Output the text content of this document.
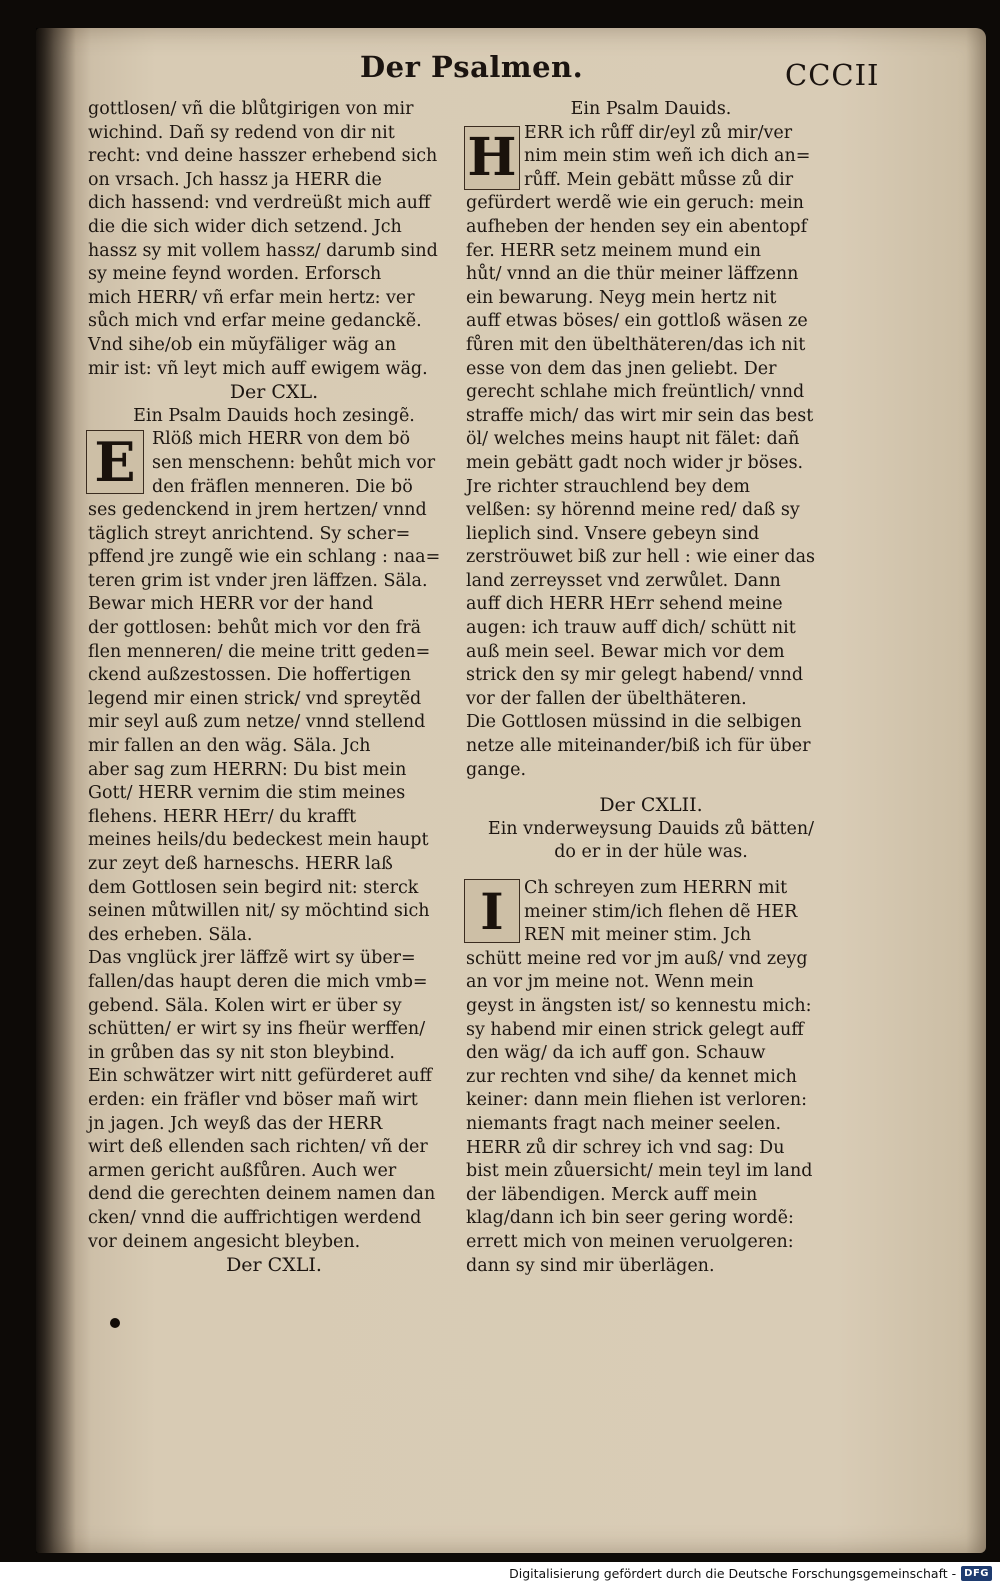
Der Psalmen.	CCCII
gottlosen/ vñ die blůtgirigen von mir
wichind. Dañ sy redend von dir nit
recht: vnd deine hasszer erhebend sich
on vrsach. Jch hassz ja HERR die
dich hassend: vnd verdreüßt mich auff
die die sich wider dich setzend. Jch
hassz sy mit vollem hassz/ darumb sind
sy meine feynd worden. Erforsch
mich HERR/ vñ erfar mein hertz: ver
sůch mich vnd erfar meine gedanckẽ.
Vnd sihe/ob ein mŭyfäliger wäg an
mir ist: vñ leyt mich auff ewigem wäg.
Der CXL.
Ein Psalm Dauids hoch zesingẽ.
E Rlöß mich HERR von dem bö
sen menschenn: behůt mich vor
den fräflen menneren. Die bö
ses gedenckend in jrem hertzen/ vnnd
täglich streyt anrichtend. Sy scher=
pffend jre zungẽ wie ein schlang : naa=
teren grim ist vnder jren läffzen. Säla.
Bewar mich HERR vor der hand
der gottlosen: behůt mich vor den frä
flen menneren/ die meine tritt geden=
ckend außzestossen. Die hoffertigen
legend mir einen strick/ vnd spreytẽd
mir seyl auß zum netze/ vnnd stellend
mir fallen an den wäg. Säla. Jch
aber sag zum HERRN: Du bist mein
Gott/ HERR vernim die stim meines
flehens. HERR HErr/ du krafft
meines heils/du bedeckest mein haupt
zur zeyt deß harneschs. HERR laß
dem Gottlosen sein begird nit: sterck
seinen můtwillen nit/ sy möchtind sich
des erheben. Säla.
Das vnglück jrer läffzẽ wirt sy über=
fallen/das haupt deren die mich vmb=
gebend. Säla. Kolen wirt er über sy
schütten/ er wirt sy ins fheür werffen/
in grůben das sy nit ston bleybind.
Ein schwätzer wirt nitt gefürderet auff
erden: ein fräfler vnd böser mañ wirt
jn jagen. Jch weyß das der HERR
wirt deß ellenden sach richten/ vñ der
armen gericht außfůren. Auch wer
dend die gerechten deinem namen dan
cken/ vnnd die auffrichtigen werdend
vor deinem angesicht bleyben.
Der CXLI.
Ein Psalm Dauids.
H ERR ich růff dir/eyl zů mir/ver
nim mein stim weñ ich dich an=
růff. Mein gebätt můsse zů dir
gefürdert werdẽ wie ein geruch: mein
aufheben der henden sey ein abentopf
fer. HERR setz meinem mund ein
hůt/ vnnd an die thür meiner läffzenn
ein bewarung. Neyg mein hertz nit
auff etwas böses/ ein gottloß wäsen ze
fůren mit den übelthäteren/das ich nit
esse von dem das jnen geliebt. Der
gerecht schlahe mich freüntlich/ vnnd
straffe mich/ das wirt mir sein das best
öl/ welches meins haupt nit fälet: dañ
mein gebätt gadt noch wider jr böses.
Jre richter strauchlend bey dem
velßen: sy hörennd meine red/ daß sy
lieplich sind. Vnsere gebeyn sind
zerströuwet biß zur hell : wie einer das
land zerreysset vnd zerwůlet. Dann
auff dich HERR HErr sehend meine
augen: ich trauw auff dich/ schütt nit
auß mein seel. Bewar mich vor dem
strick den sy mir gelegt habend/ vnnd
vor der fallen der übelthäteren.
Die Gottlosen müssind in die selbigen
netze alle miteinander/biß ich für über
gange.
Der CXLII.
Ein vnderweysung Dauids zů bätten/
do er in der hüle was.
I	Ch schreyen zum HERRN mit
meiner stim/ich flehen dẽ HER
REN mit meiner stim. Jch
schütt meine red vor jm auß/ vnd zeyg
an vor jm meine not. Wenn mein
geyst in ängsten ist/ so kennestu mich:
sy habend mir einen strick gelegt auff
den wäg/ da ich auff gon. Schauw
zur rechten vnd sihe/ da kennet mich
keiner: dann mein fliehen ist verloren:
niemants fragt nach meiner seelen.
HERR zů dir schrey ich vnd sag: Du
bist mein zůuersicht/ mein teyl im land
der läbendigen. Merck auff mein
klag/dann ich bin seer gering wordẽ:
errett mich von meinen veruolgeren:
dann sy sind mir überlägen.
Digitalisierung gefördert durch die Deutsche Forschungsgemeinschaft - DFG
